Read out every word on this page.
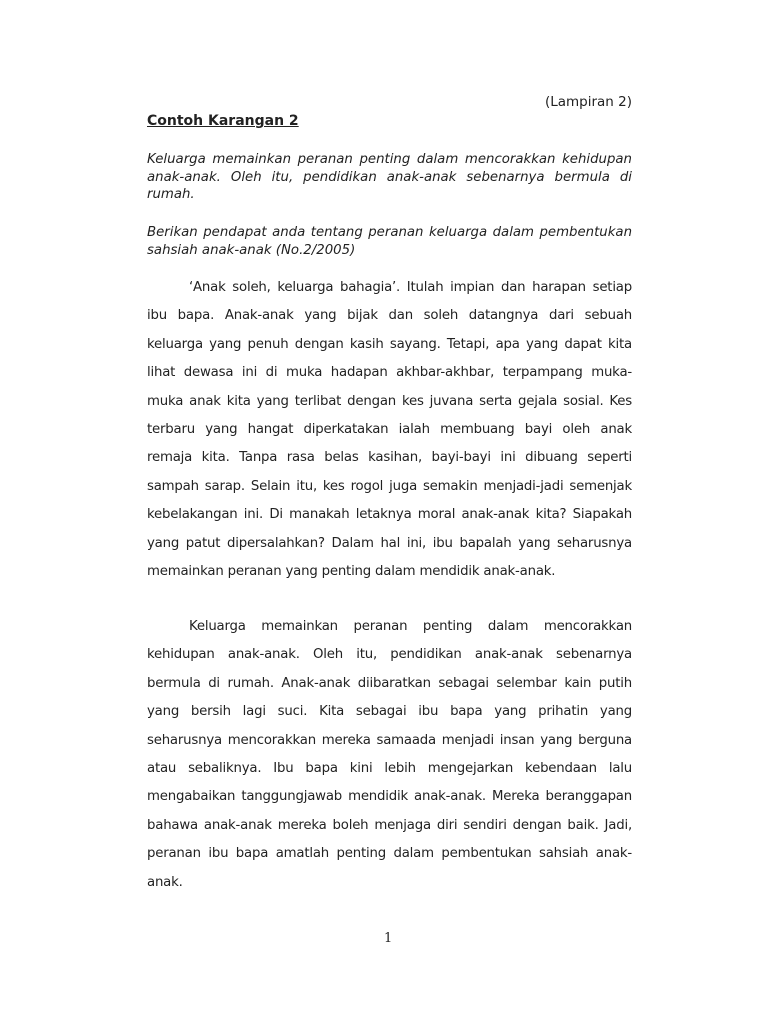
(Lampiran 2)
Contoh Karangan 2
Keluarga memainkan peranan penting dalam mencorakkan kehidupan
anak-anak. Oleh itu, pendidikan anak-anak sebenarnya bermula di
rumah.
Berikan pendapat anda tentang peranan keluarga dalam pembentukan
sahsiah anak-anak (No.2/2005)
‘Anak soleh, keluarga bahagia’. Itulah impian dan harapan setiap
ibu bapa. Anak-anak yang bijak dan soleh datangnya dari sebuah
keluarga yang penuh dengan kasih sayang. Tetapi, apa yang dapat kita
lihat dewasa ini di muka hadapan akhbar-akhbar, terpampang muka-
muka anak kita yang terlibat dengan kes juvana serta gejala sosial. Kes
terbaru yang hangat diperkatakan ialah membuang bayi oleh anak
remaja kita. Tanpa rasa belas kasihan, bayi-bayi ini dibuang seperti
sampah sarap. Selain itu, kes rogol juga semakin menjadi-jadi semenjak
kebelakangan ini. Di manakah letaknya moral anak-anak kita? Siapakah
yang patut dipersalahkan? Dalam hal ini, ibu bapalah yang seharusnya
memainkan peranan yang penting dalam mendidik anak-anak.
Keluarga memainkan peranan penting dalam mencorakkan
kehidupan anak-anak. Oleh itu, pendidikan anak-anak sebenarnya
bermula di rumah. Anak-anak diibaratkan sebagai selembar kain putih
yang bersih lagi suci. Kita sebagai ibu bapa yang prihatin yang
seharusnya mencorakkan mereka samaada menjadi insan yang berguna
atau sebaliknya. Ibu bapa kini lebih mengejarkan kebendaan lalu
mengabaikan tanggungjawab mendidik anak-anak. Mereka beranggapan
bahawa anak-anak mereka boleh menjaga diri sendiri dengan baik. Jadi,
peranan ibu bapa amatlah penting dalam pembentukan sahsiah anak-
anak.
1
